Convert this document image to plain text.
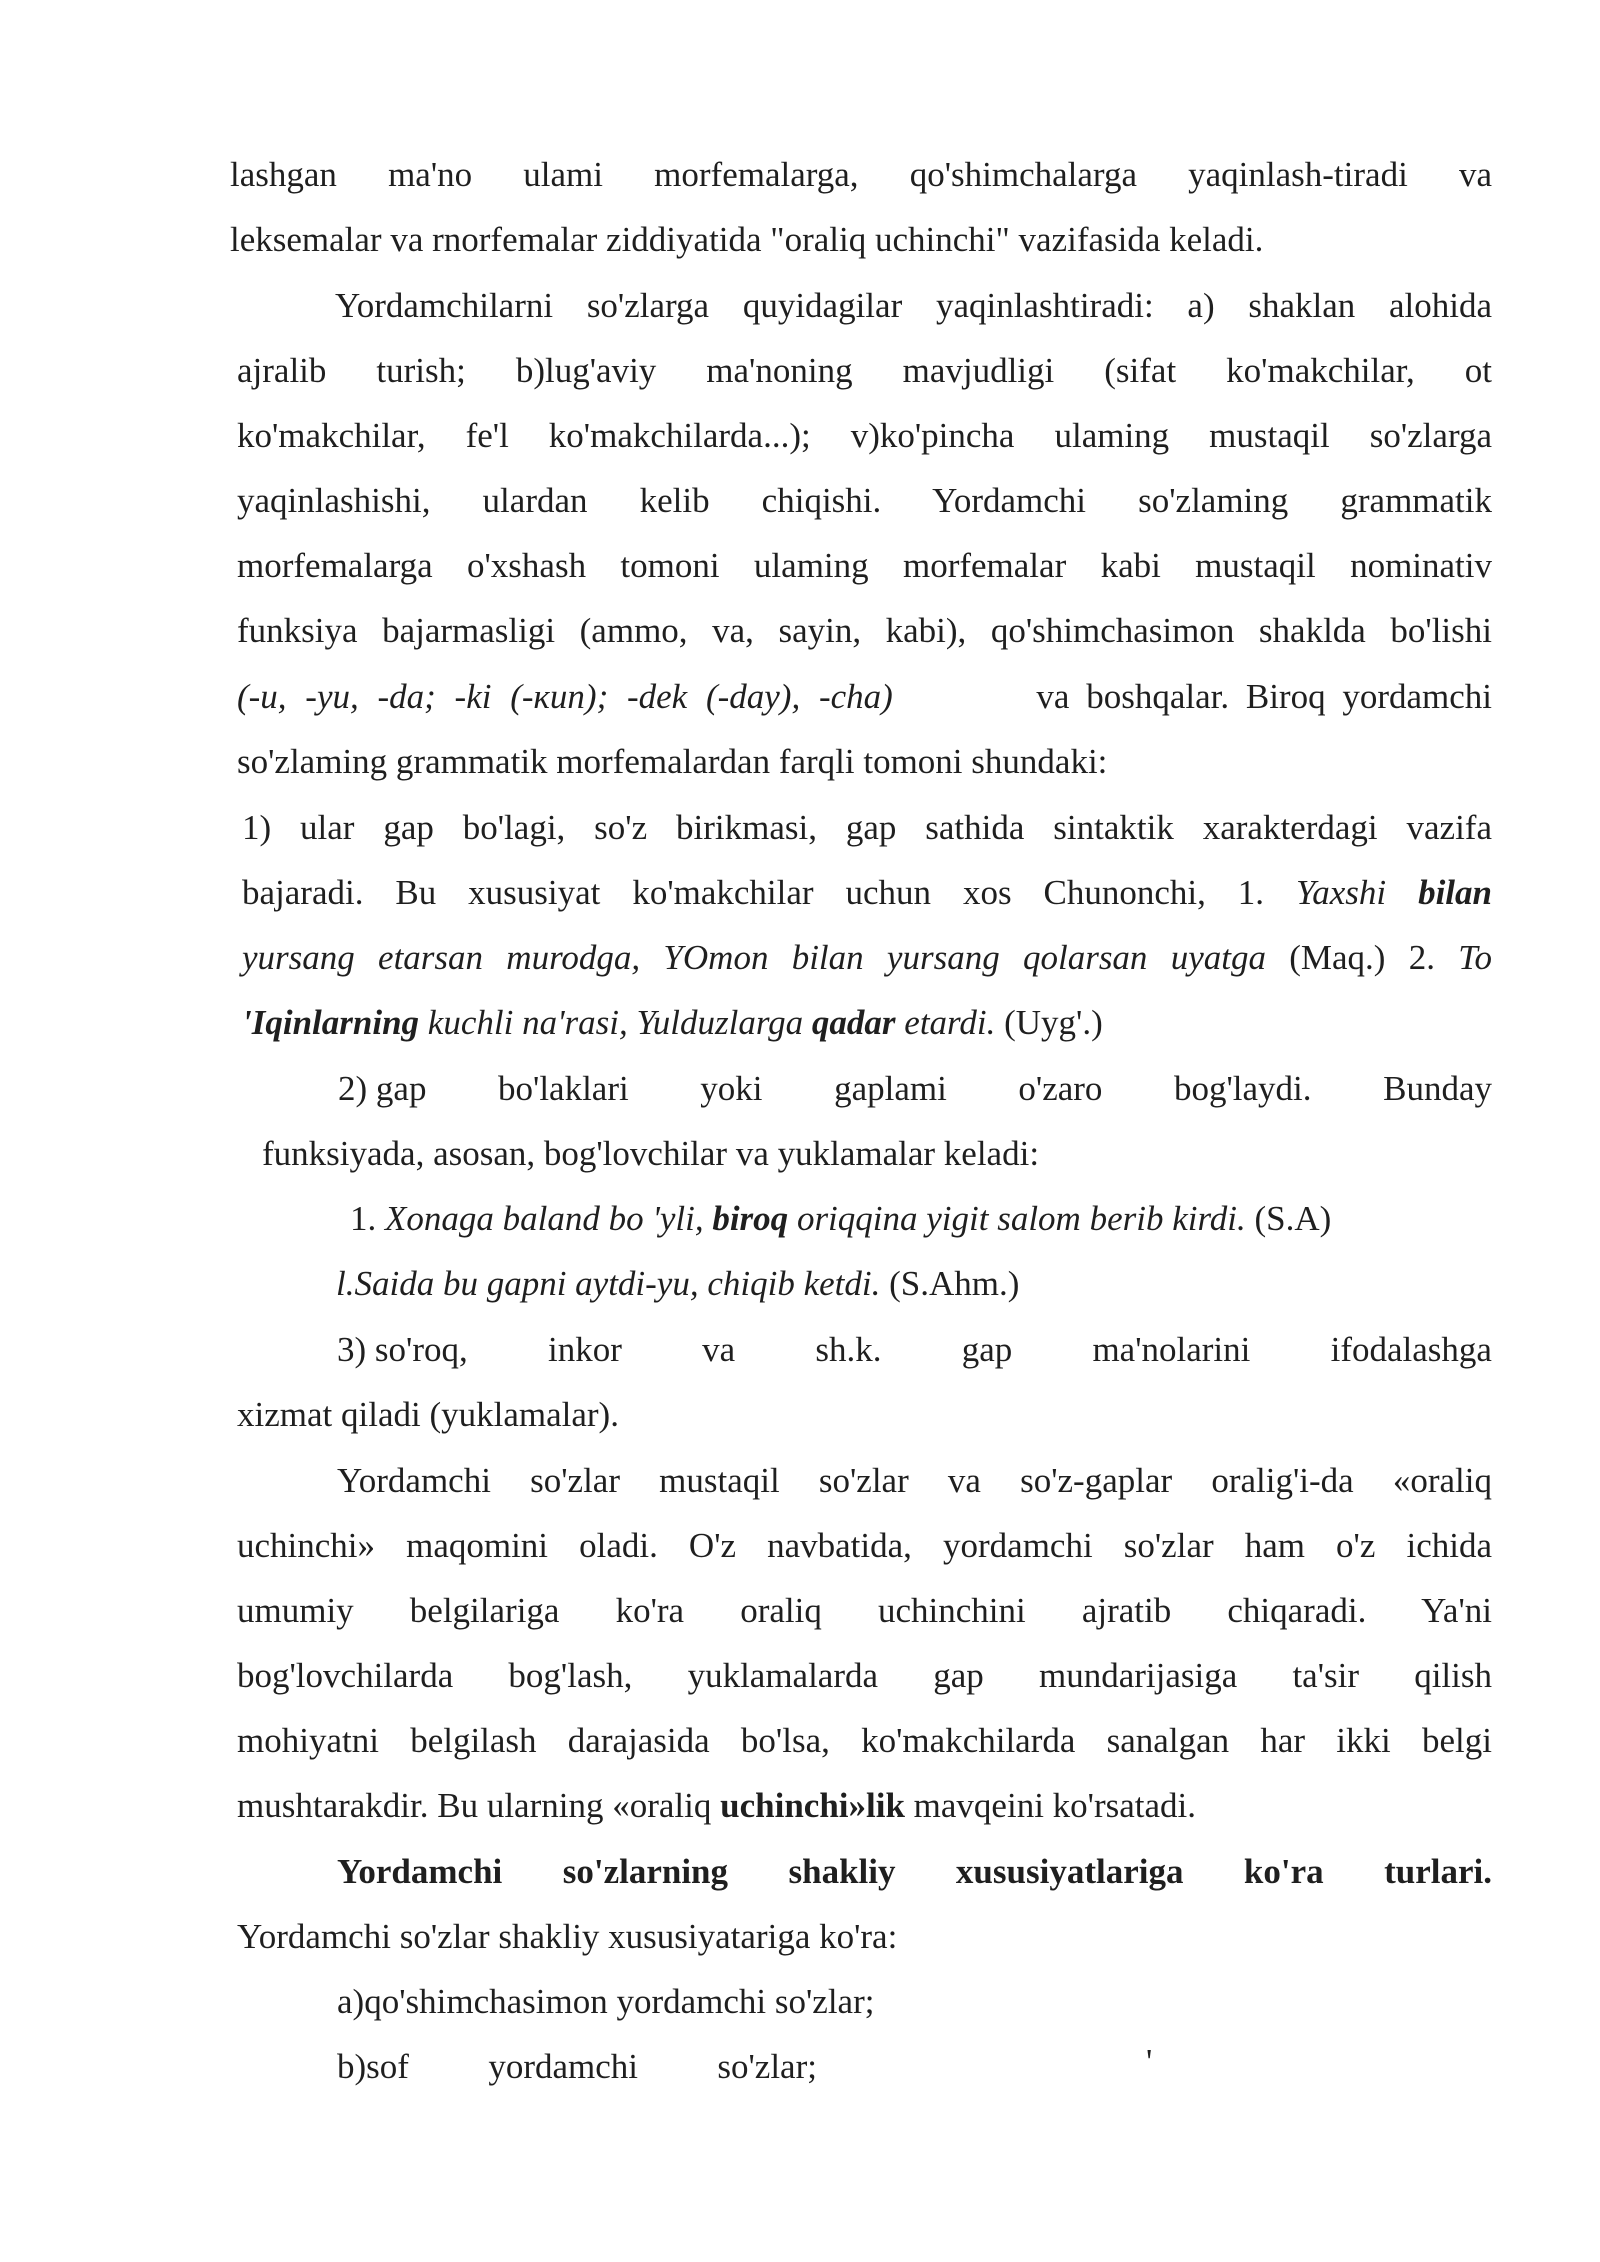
lashgan ma'no ulami morfemalarga, qo'shimchalarga yaqinlash-tiradi va
leksemalar va rnorfemalar ziddiyatida "oraliq uchinchi" vazifasida keladi.
Yordamchilarni so'zlarga quyidagilar yaqinlashtiradi: a) shaklan alohida
ajralib turish; b)lug'aviy ma'noning mavjudligi (sifat ko'makchilar, ot
ko'makchilar, fe'l ko'makchilarda...); v)ko'pincha ulaming mustaqil so'zlarga
yaqinlashishi, ulardan kelib chiqishi. Yordamchi so'zlaming grammatik
morfemalarga o'xshash tomoni ulaming morfemalar kabi mustaqil nominativ
funksiya bajarmasligi (ammo, va, sayin, kabi), qo'shimchasimon shaklda bo'lishi
(-u, -yu, -da; -ki (-кun); -dek (-day), -cha)	va boshqalar. Biroq yordamchi
so'zlaming grammatik morfemalardan farqli tomoni shundaki:
1) ular gap bo'lagi, so'z birikmasi, gap sathida sintaktik xarakterdagi vazifa
bajaradi. Bu xususiyat ko'makchilar uchun xos Chunonchi, 1. Yaxshi bilan
yursang etarsan murodga, YOmon bilan yursang qolarsan uyatga (Maq.) 2. To
'Iqinlarning kuchli na'rasi, Yulduzlarga qadar etardi. (Uyg'.)
2) gap bo'laklari yoki gaplami o'zaro bog'laydi. Bunday
funksiyada, asosan, bog'lovchilar va yuklamalar keladi:
1. Xonaga baland bo 'yli, biroq oriqqina yigit salom berib kirdi. (S.A)
l.Saida bu gapni aytdi-yu, chiqib ketdi. (S.Ahm.)
3) so'roq, inkor va sh.k. gap ma'nolarini ifodalashga
xizmat qiladi (yuklamalar).
Yordamchi so'zlar mustaqil so'zlar va so'z-gaplar oralig'i-da «oraliq
uchinchi» maqomini oladi. O'z navbatida, yordamchi so'zlar ham o'z ichida
umumiy belgilariga ko'ra oraliq uchinchini ajratib chiqaradi. Ya'ni
bog'lovchilarda bog'lash, yuklamalarda gap mundarijasiga ta'sir qilish
mohiyatni belgilash darajasida bo'lsa, ko'makchilarda sanalgan har ikki belgi
mushtarakdir. Bu ularning «oraliq uchinchi»lik mavqeini ko'rsatadi.
Yordamchi so'zlarning shakliy xususiyatlariga ko'ra turlari.
Yordamchi so'zlar shakliy xususiyatariga ko'ra:
a)qo'shimchasimon yordamchi so'zlar;
b)sof yordamchi so'zlar;	'
